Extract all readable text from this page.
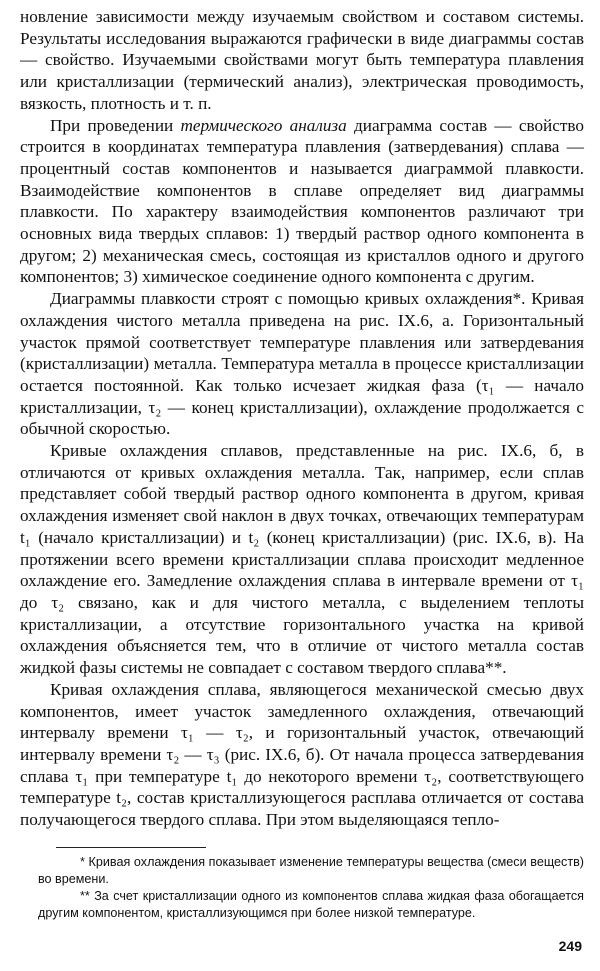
новление зависимости между изучаемым свойством и составом системы. Результаты исследования выражаются графически в виде диаграммы состав — свойство. Изучаемыми свойствами могут быть температура плавления или кристаллизации (термический анализ), электрическая проводимость, вязкость, плотность и т. п.

При проведении термического анализа диаграмма состав — свойство строится в координатах температура плавления (затвердевания) сплава — процентный состав компонентов и называется диаграммой плавкости. Взаимодействие компонентов в сплаве определяет вид диаграммы плавкости. По характеру взаимодействия компонентов различают три основных вида твердых сплавов: 1) твердый раствор одного компонента в другом; 2) механическая смесь, состоящая из кристаллов одного и другого компонентов; 3) химическое соединение одного компонента с другим.

Диаграммы плавкости строят с помощью кривых охлаждения*. Кривая охлаждения чистого металла приведена на рис. IX.6, а. Горизонтальный участок прямой соответствует температуре плавления или затвердевания (кристаллизации) металла. Температура металла в процессе кристаллизации остается постоянной. Как только исчезает жидкая фаза (τ₁ — начало кристаллизации, τ₂ — конец кристаллизации), охлаждение продолжается с обычной скоростью.

Кривые охлаждения сплавов, представленные на рис. IX.6, б, в отличаются от кривых охлаждения металла. Так, например, если сплав представляет собой твердый раствор одного компонента в другом, кривая охлаждения изменяет свой наклон в двух точках, отвечающих температурам t₁ (начало кристаллизации) и t₂ (конец кристаллизации) (рис. IX.6, в). На протяжении всего времени кристаллизации сплава происходит медленное охлаждение его. Замедление охлаждения сплава в интервале времени от τ₁ до τ₂ связано, как и для чистого металла, с выделением теплоты кристаллизации, а отсутствие горизонтального участка на кривой охлаждения объясняется тем, что в отличие от чистого металла состав жидкой фазы системы не совпадает с составом твердого сплава**.

Кривая охлаждения сплава, являющегося механической смесью двух компонентов, имеет участок замедленного охлаждения, отвечающий интервалу времени τ₁ — τ₂, и горизонтальный участок, отвечающий интервалу времени τ₂ — τ₃ (рис. IX.6, б). От начала процесса затвердевания сплава τ₁ при температуре t₁ до некоторого времени τ₂, соответствующего температуре t₂, состав кристаллизующегося расплава отличается от состава получающегося твердого сплава. При этом выделяющаяся тепло-

* Кривая охлаждения показывает изменение температуры вещества (смеси веществ) во времени.

** За счет кристаллизации одного из компонентов сплава жидкая фаза обогащается другим компонентом, кристаллизующимся при более низкой температуре.

249
